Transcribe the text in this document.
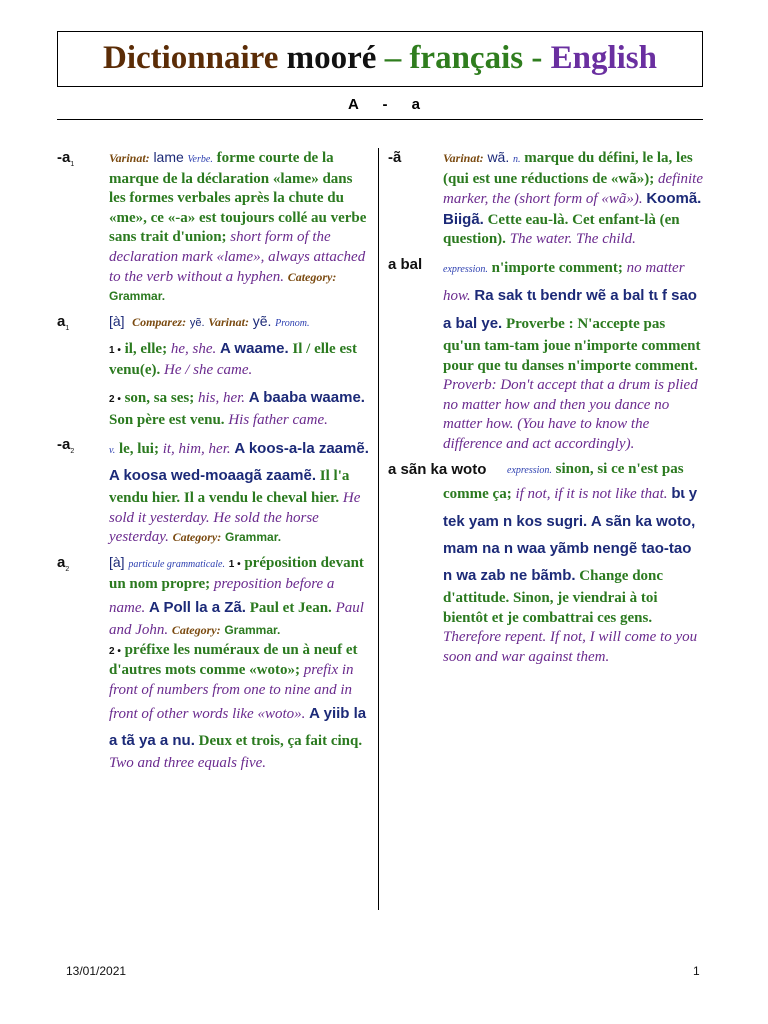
Dictionnaire mooré – français - English
A - a
$-a_1$	Varinat: lame Verbe. forme courte de la marque de la déclaration «lame» dans les formes verbales après la chute du «me», ce «-a» est toujours collé au verbe sans trait d'union; short form of the declaration mark «lame», always attached to the verb without a hyphen. Category: Grammar.
$a_1$	[à] Comparez: yẽ. Varinat: yẽ. Pronom.
1 • il, elle; he, she. A waame. Il / elle est venu(e). He / she came.
2 • son, sa ses; his, her. A baaba waame. Son père est venu. His father came.
$-a_2$	v. le, lui; it, him, her. A koos-a-la zaamẽ. A koosa wed-moaagã zaamẽ. Il l'a vendu hier. Il a vendu le cheval hier. He sold it yesterday. He sold the horse yesterday. Category: Grammar.
$a_2$	[à] particule grammaticale. 1 • préposition devant un nom propre; preposition before a name. A Poll la a Zã. Paul et Jean. Paul and John. Category: Grammar.
2 • préfixe les numéraux de un à neuf et d'autres mots comme «woto»; prefix in front of numbers from one to nine and in front of other words like «woto». A yiib la a tã ya a nu. Deux et trois, ça fait cinq. Two and three equals five.
-ã	Varinat: wã. n. marque du défini, le la, les (qui est une réductions de «wã»); definite marker, the (short form of «wã»). Koomã. Biigã. Cette eau-là. Cet enfant-là (en question). The water. The child.
a bal expression. n'importe comment; no matter how. Ra sak tɩ bendr wẽ a bal tɩ f sao a bal ye. Proverbe : N'accepte pas qu'un tam-tam joue n'importe comment pour que tu danses n'importe comment. Proverb: Don't accept that a drum is plied no matter how and then you dance no matter how. (You have to know the difference and act accordingly).
a sãn ka woto	expression. sinon, si ce n'est pas comme ça; if not, if it is not like that. bɩ y tek yam n kos sugri. A sãn ka woto, mam na n waa yãmb nengẽ tao-tao n wa zab ne bãmb. Change donc d'attitude. Sinon, je viendrai à toi bientôt et je combattrai ces gens. Therefore repent. If not, I will come to you soon and war against them.
13/01/2021	1
